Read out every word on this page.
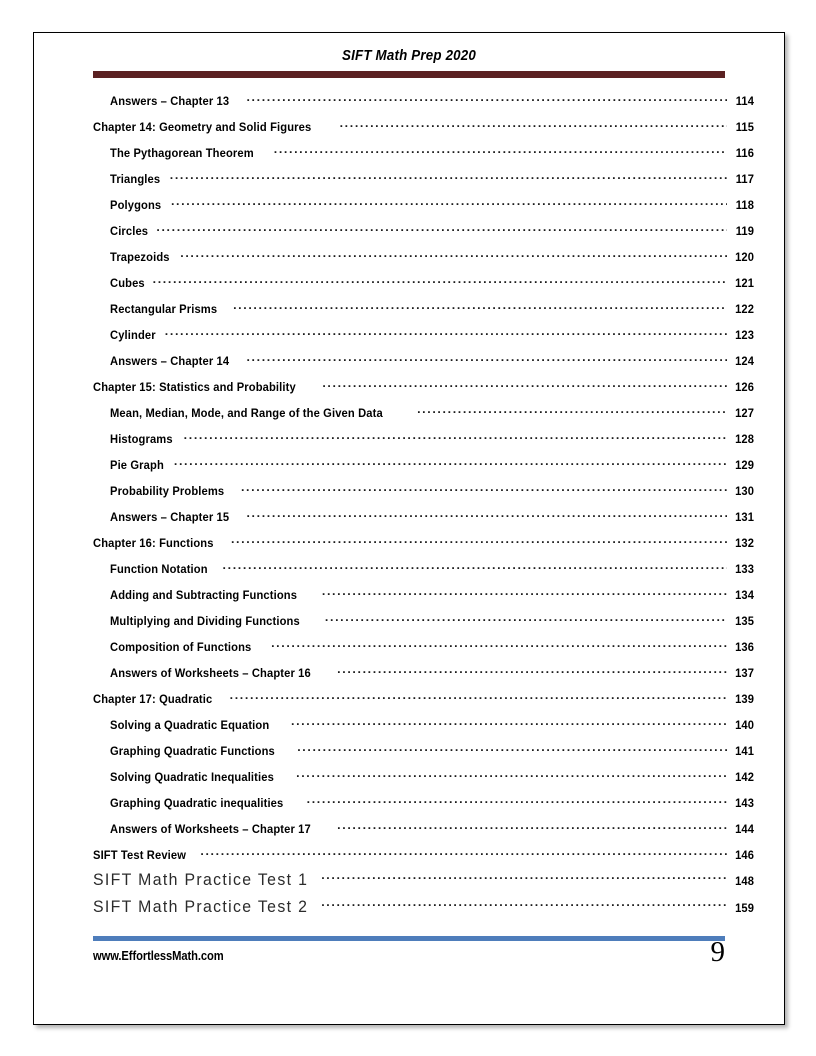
SIFT Math Prep 2020
Answers – Chapter 13 . . .	114
Chapter 14: Geometry and Solid Figures . . .	115
The Pythagorean Theorem . . .	116
Triangles . . .	117
Polygons . . .	118
Circles . . .	119
Trapezoids . . .	120
Cubes . . .	121
Rectangular Prisms . . .	122
Cylinder . . .	123
Answers – Chapter 14 . . .	124
Chapter 15: Statistics and Probability . . .	126
Mean, Median, Mode, and Range of the Given Data . . .	127
Histograms . . .	128
Pie Graph . . .	129
Probability Problems . . .	130
Answers – Chapter 15 . . .	131
Chapter 16: Functions . . .	132
Function Notation . . .	133
Adding and Subtracting Functions . . .	134
Multiplying and Dividing Functions . . .	135
Composition of Functions . . .	136
Answers of Worksheets – Chapter 16 . . .	137
Chapter 17: Quadratic . . .	139
Solving a Quadratic Equation . . .	140
Graphing Quadratic Functions . . .	141
Solving Quadratic Inequalities . . .	142
Graphing Quadratic inequalities . . .	143
Answers of Worksheets – Chapter 17 . . .	144
SIFT Test Review . . .	146
SIFT Math Practice Test 1 . . .	148
SIFT Math Practice Test 2 . . .	159
www.EffortlessMath.com	9
